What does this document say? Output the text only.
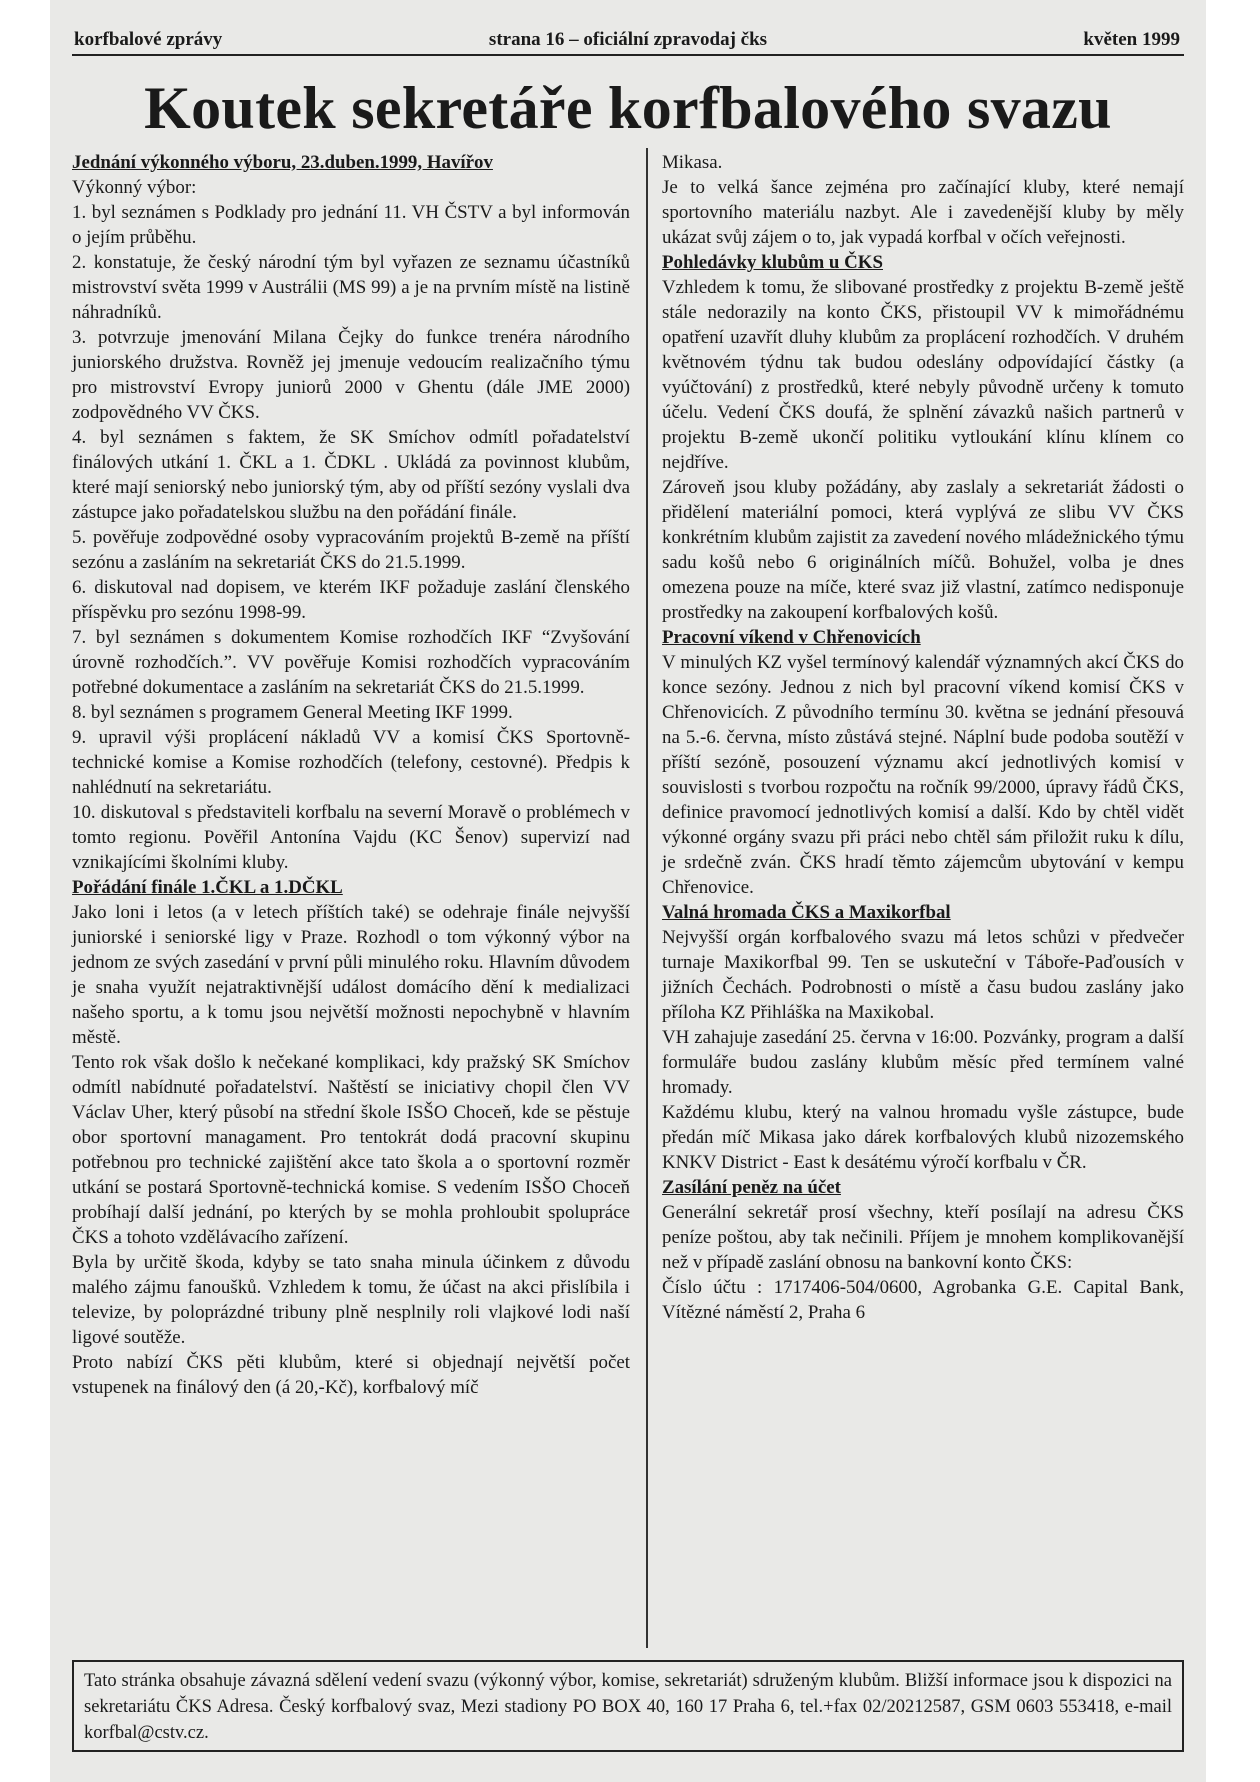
korfbalové zprávy	strana 16 – oficiální zpravodaj čks	květen 1999
Koutek sekretáře korfbalového svazu
Jednání výkonného výboru, 23.duben.1999, Havířov

Výkonný výbor:

1. byl seznámen s Podklady pro jednání 11. VH ČSTV a byl informován o jejím průběhu.

2. konstatuje, že český národní tým byl vyřazen ze seznamu účastníků mistrovství světa 1999 v Austrálii (MS 99) a je na prvním místě na listině náhradníků.

3. potvrzuje jmenování Milana Čejky do funkce trenéra národního juniorského družstva. Rovněž jej jmenuje vedoucím realizačního týmu pro mistrovství Evropy juniorů 2000 v Ghentu (dále JME 2000) zodpovědného VV ČKS.

4. byl seznámen s faktem, že SK Smíchov odmítl pořadatelství finálových utkání 1. ČKL a 1. ČDKL . Ukládá za povinnost klubům, které mají seniorský nebo juniorský tým, aby od příští sezóny vyslali dva zástupce jako pořadatelskou službu na den pořádání finále.

5. pověřuje zodpovědné osoby vypracováním projektů B-země na příští sezónu a zasláním na sekretariát ČKS do 21.5.1999.

6. diskutoval nad dopisem, ve kterém IKF požaduje zaslání členského příspěvku pro sezónu 1998-99.

7. byl seznámen s dokumentem Komise rozhodčích IKF “Zvyšování úrovně rozhodčích.”. VV pověřuje Komisi rozhodčích vypracováním potřebné dokumentace a zasláním na sekretariát ČKS do 21.5.1999.

8. byl seznámen s programem General Meeting IKF 1999.

9. upravil výši proplácení nákladů VV a komisí ČKS Sportovně-technické komise a Komise rozhodčích (telefony, cestovné). Předpis k nahlédnutí na sekretariátu.

10. diskutoval s představiteli korfbalu na severní Moravě o problémech v tomto regionu. Pověřil Antonína Vajdu (KC Šenov) supervizí nad vznikajícími školními kluby.

Pořádání finále 1.ČKL a 1.DČKL

Jako loni i letos (a v letech příštích také) se odehraje finále nejvyšší juniorské i seniorské ligy v Praze. Rozhodl o tom výkonný výbor na jednom ze svých zasedání v první půli minulého roku. Hlavním důvodem je snaha využít nejatraktivnější událost domácího dění k medializaci našeho sportu, a k tomu jsou největší možnosti nepochybně v hlavním městě.

Tento rok však došlo k nečekané komplikaci, kdy pražský SK Smíchov odmítl nabídnuté pořadatelství. Naštěstí se iniciativy chopil člen VV Václav Uher, který působí na střední škole ISŠO Choceň, kde se pěstuje obor sportovní managament. Pro tentokrát dodá pracovní skupinu potřebnou pro technické zajištění akce tato škola a o sportovní rozměr utkání se postará Sportovně-technická komise. S vedením ISŠO Choceň probíhají další jednání, po kterých by se mohla prohloubit spolupráce ČKS a tohoto vzdělávacího zařízení.

Byla by určitě škoda, kdyby se tato snaha minula účinkem z důvodu malého zájmu fanoušků. Vzhledem k tomu, že účast na akci přislíbila i televize, by poloprázdné tribuny plně nesplnily roli vlajkové lodi naší ligové soutěže.

Proto nabízí ČKS pěti klubům, které si objednají největší počet vstupenek na finálový den (á 20,-Kč), korfbalový míč

Mikasa.

Je to velká šance zejména pro začínající kluby, které nemají sportovního materiálu nazbyt. Ale i zavedenější kluby by měly ukázat svůj zájem o to, jak vypadá korfbal v očích veřejnosti.

Pohledávky klubům u ČKS

Vzhledem k tomu, že slibované prostředky z projektu B-země ještě stále nedorazily na konto ČKS, přistoupil VV k mimořádnému opatření uzavřít dluhy klubům za proplácení rozhodčích. V druhém květnovém týdnu tak budou odeslány odpovídající částky (a vyúčtování) z prostředků, které nebyly původně určeny k tomuto účelu. Vedení ČKS doufá, že splnění závazků našich partnerů v projektu B-země ukončí politiku vytloukání klínu klínem co nejdříve.

Zároveň jsou kluby požádány, aby zaslaly a sekretariát žádosti o přidělení materiální pomoci, která vyplývá ze slibu VV ČKS konkrétním klubům zajistit za zavedení nového mládežnického týmu sadu košů nebo 6 originálních míčů. Bohužel, volba je dnes omezena pouze na míče, které svaz již vlastní, zatímco nedisponuje prostředky na zakoupení korfbalových košů.

Pracovní víkend v Chřenovicích

V minulých KZ vyšel termínový kalendář významných akcí ČKS do konce sezóny. Jednou z nich byl pracovní víkend komisí ČKS v Chřenovicích. Z původního termínu 30. května se jednání přesouvá na 5.-6. června, místo zůstává stejné. Náplní bude podoba soutěží v příští sezóně, posouzení významu akcí jednotlivých komisí v souvislosti s tvorbou rozpočtu na ročník 99/2000, úpravy řádů ČKS, definice pravomocí jednotlivých komisí a další. Kdo by chtěl vidět výkonné orgány svazu při práci nebo chtěl sám přiložit ruku k dílu, je srdečně zván. ČKS hradí těmto zájemcům ubytování v kempu Chřenovice.

Valná hromada ČKS a Maxikorfbal

Nejvyšší orgán korfbalového svazu má letos schůzi v předvečer turnaje Maxikorfbal 99. Ten se uskuteční v Táboře-Paďousích v jižních Čechách. Podrobnosti o místě a času budou zaslány jako příloha KZ Přihláška na Maxikobal.

VH zahajuje zasedání 25. června v 16:00. Pozvánky, program a další formuláře budou zaslány klubům měsíc před termínem valné hromady.

Každému klubu, který na valnou hromadu vyšle zástupce, bude předán míč Mikasa jako dárek korfbalových klubů nizozemského KNKV District - East k desátému výročí korfbalu v ČR.

Zasílání peněz na účet

Generální sekretář prosí všechny, kteří posílají na adresu ČKS peníze poštou, aby tak nečinili. Příjem je mnohem komplikovanější než v případě zaslání obnosu na bankovní konto ČKS:

Číslo účtu : 1717406-504/0600, Agrobanka G.E. Capital Bank, Vítězné náměstí 2, Praha 6

Tato stránka obsahuje závazná sdělení vedení svazu (výkonný výbor, komise, sekretariát) sdruženým klubům. Bližší informace jsou k dispozici na sekretariátu ČKS Adresa. Český korfbalový svaz, Mezi stadiony PO BOX 40, 160 17 Praha 6, tel.+fax 02/20212587, GSM 0603 553418, e-mail korfbal@cstv.cz.
